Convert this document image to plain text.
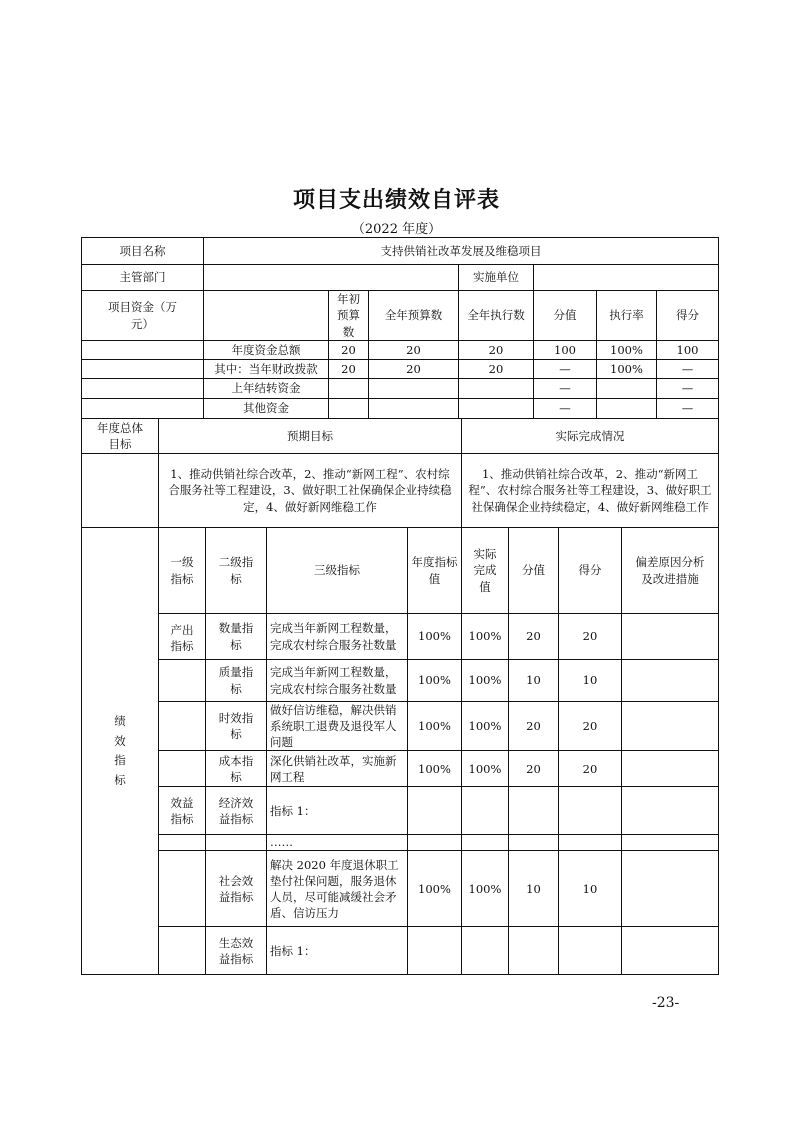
项目支出绩效自评表
（2022 年度）
项目名称	支持供销社改革发展及维稳项目						
主管部门				实施单位			
项目资金（万元）		年初预算数	全年预算数	全年执行数	分值	执行率	得分
	年度资金总额	20	20	20	100	100%	100
	其中：当年财政拨款	20	20	20	—	100%	—
	上年结转资金				—		—
	其他资金				—		—
年度总体目标	预期目标				实际完成情况			
	1、推动供销社综合改革，2、推动“新网工程”、农村综合服务社等工程建设，3、做好职工社保确保企业持续稳定，4、做好新网维稳工作				1、推动供销社综合改革，2、推动“新网工程”、农村综合服务社等工程建设，3、做好职工社保确保企业持续稳定，4、做好新网维稳工作			
绩效指标	一级指标	二级指标	三级指标	年度指标值	实际完成值	分值	得分	偏差原因分析及改进措施
	产出指标	数量指标	完成当年新网工程数量，完成农村综合服务社数量	100%	100%	20	20	
		质量指标	完成当年新网工程数量，完成农村综合服务社数量	100%	100%	10	10	
		时效指标	做好信访维稳，解决供销系统职工退费及退役军人问题	100%	100%	20	20	
		成本指标	深化供销社改革，实施新网工程	100%	100%	20	20	
	效益指标	经济效益指标	指标 1：					
			……					
		社会效益指标	解决 2020 年度退休职工垫付社保问题，服务退休人员，尽可能减缓社会矛盾、信访压力	100%	100%	10	10	
		生态效益指标	指标 1：					
-23-
